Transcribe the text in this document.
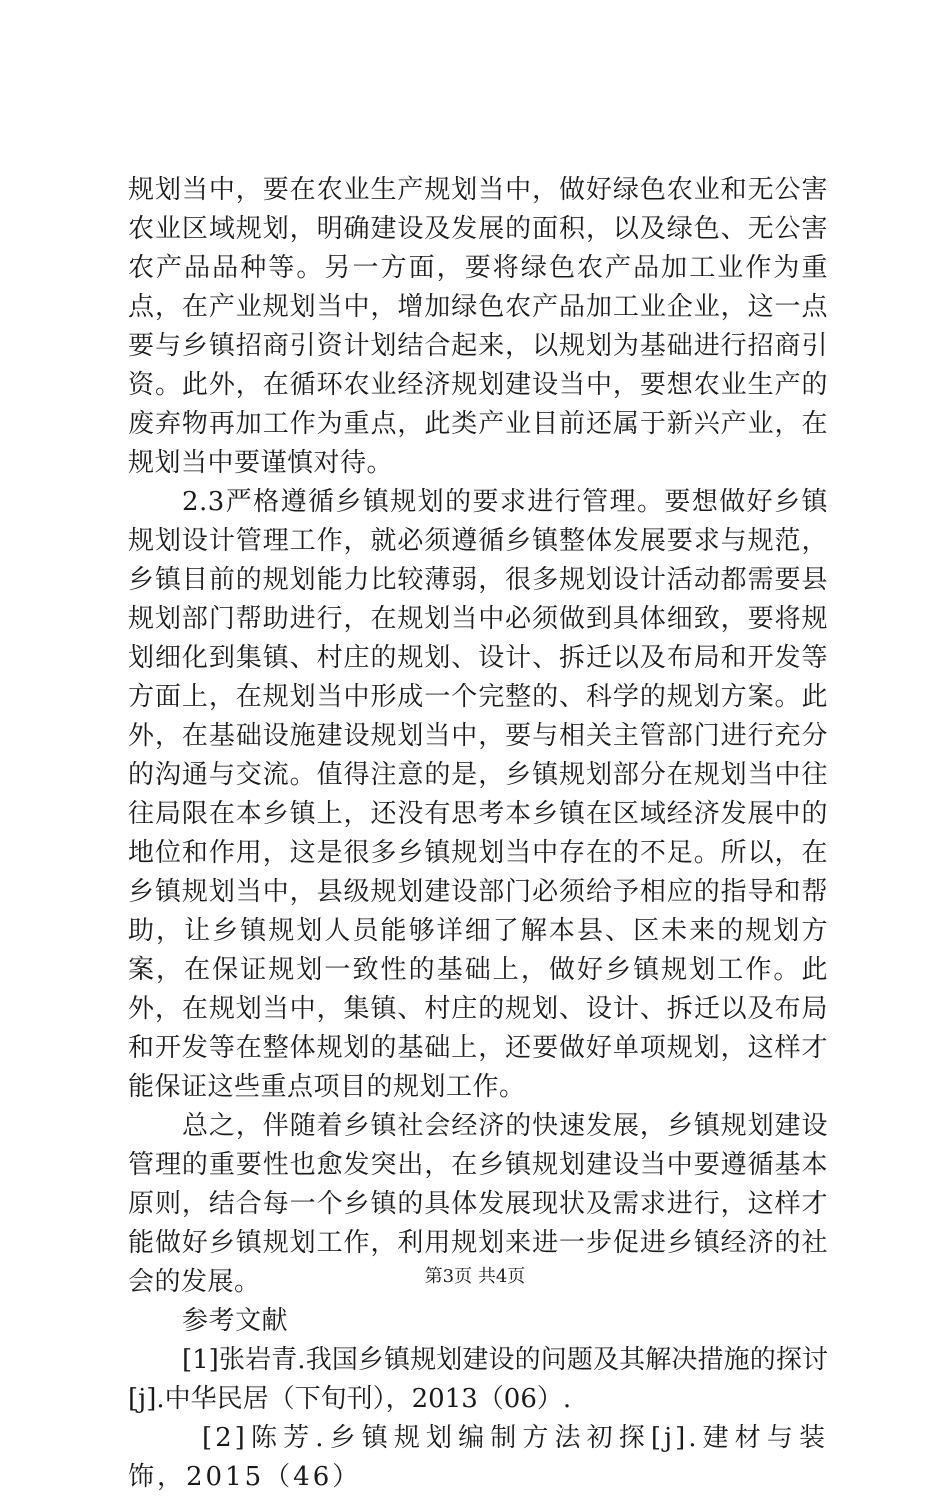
规划当中，要在农业生产规划当中，做好绿色农业和无公害农业区域规划，明确建设及发展的面积，以及绿色、无公害农产品品种等。另一方面，要将绿色农产品加工业作为重点，在产业规划当中，增加绿色农产品加工业企业，这一点要与乡镇招商引资计划结合起来，以规划为基础进行招商引资。此外，在循环农业经济规划建设当中，要想农业生产的废弃物再加工作为重点，此类产业目前还属于新兴产业，在规划当中要谨慎对待。

2.3严格遵循乡镇规划的要求进行管理。要想做好乡镇规划设计管理工作，就必须遵循乡镇整体发展要求与规范，乡镇目前的规划能力比较薄弱，很多规划设计活动都需要县规划部门帮助进行，在规划当中必须做到具体细致，要将规划细化到集镇、村庄的规划、设计、拆迁以及布局和开发等方面上，在规划当中形成一个完整的、科学的规划方案。此外，在基础设施建设规划当中，要与相关主管部门进行充分的沟通与交流。值得注意的是，乡镇规划部分在规划当中往往局限在本乡镇上，还没有思考本乡镇在区域经济发展中的地位和作用，这是很多乡镇规划当中存在的不足。所以，在乡镇规划当中，县级规划建设部门必须给予相应的指导和帮助，让乡镇规划人员能够详细了解本县、区未来的规划方案，在保证规划一致性的基础上，做好乡镇规划工作。此外，在规划当中，集镇、村庄的规划、设计、拆迁以及布局和开发等在整体规划的基础上，还要做好单项规划，这样才能保证这些重点项目的规划工作。

总之，伴随着乡镇社会经济的快速发展，乡镇规划建设管理的重要性也愈发突出，在乡镇规划建设当中要遵循基本原则，结合每一个乡镇的具体发展现状及需求进行，这样才能做好乡镇规划工作，利用规划来进一步促进乡镇经济的社会的发展。

参考文献

[1]张岩青.我国乡镇规划建设的问题及其解决措施的探讨[j].中华民居（下旬刊），2013（06）.

[2]陈芳.乡镇规划编制方法初探[j].建材与装饰，2015（46）

第3页 共4页
